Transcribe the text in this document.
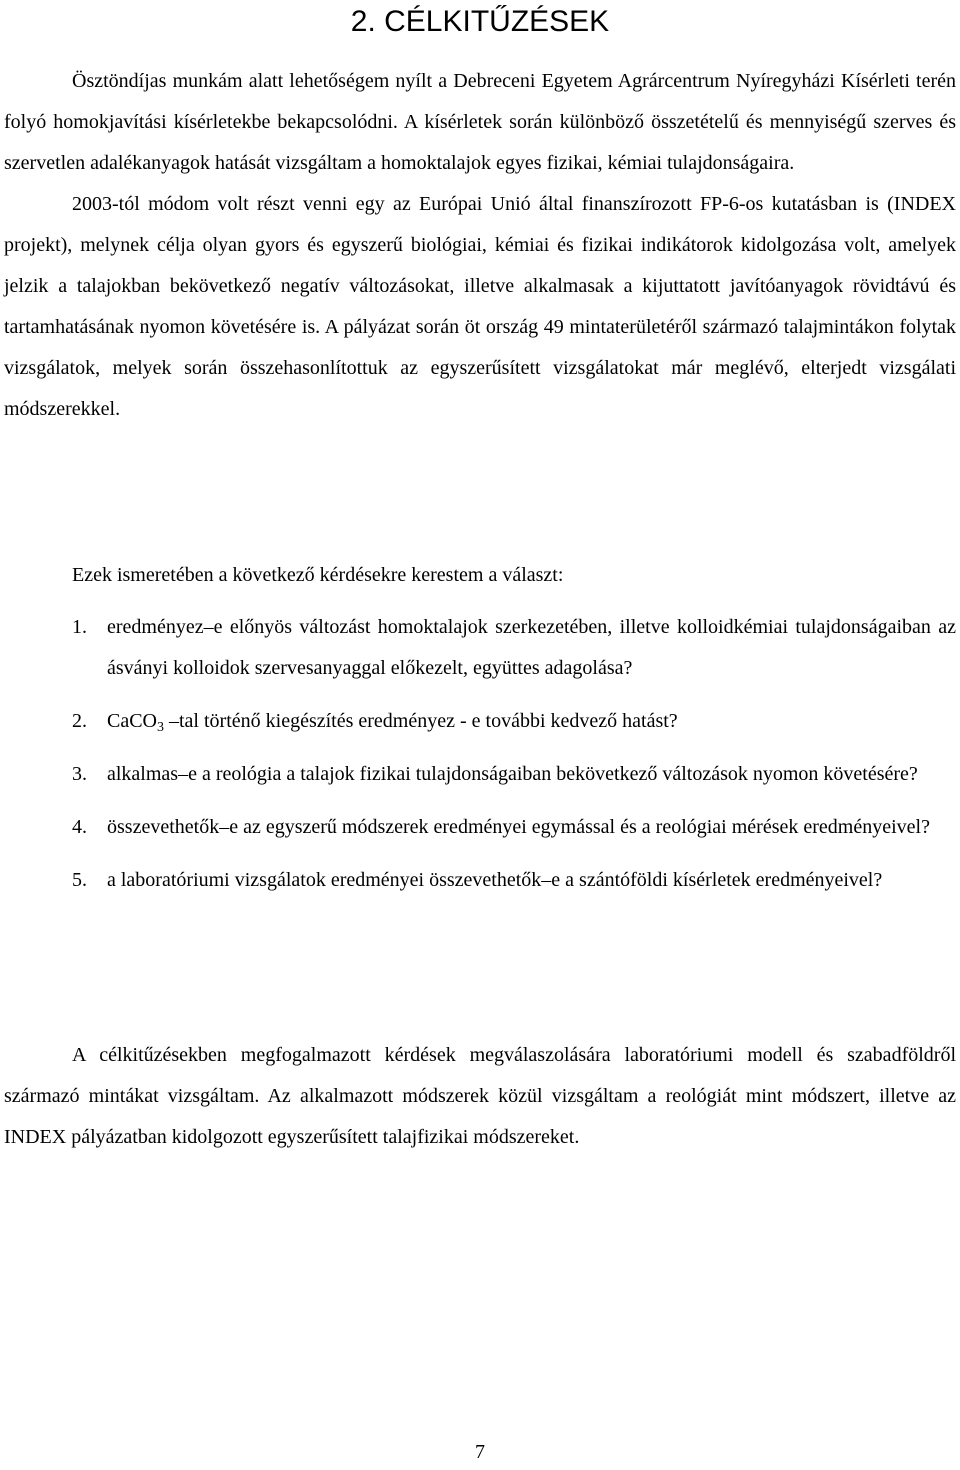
2. CÉLKITŰZÉSEK

Ösztöndíjas munkám alatt lehetőségem nyílt a Debreceni Egyetem Agrárcentrum Nyíregyházi Kísérleti terén folyó homokjavítási kísérletekbe bekapcsolódni. A kísérletek során különböző összetételű és mennyiségű szerves és szervetlen adalékanyagok hatását vizsgáltam a homoktalajok egyes fizikai, kémiai tulajdonságaira.

2003-tól módom volt részt venni egy az Európai Unió által finanszírozott FP-6-os kutatásban is (INDEX projekt), melynek célja olyan gyors és egyszerű biológiai, kémiai és fizikai indikátorok kidolgozása volt, amelyek jelzik a talajokban bekövetkező negatív változásokat, illetve alkalmasak a kijuttatott javítóanyagok rövidtávú és tartamhatásának nyomon követésére is. A pályázat során öt ország 49 mintaterületéről származó talajmintákon folytak vizsgálatok, melyek során összehasonlítottuk az egyszerűsített vizsgálatokat már meglévő, elterjedt vizsgálati módszerekkel.

Ezek ismeretében a következő kérdésekre kerestem a választ:

1. eredményez–e előnyös változást homoktalajok szerkezetében, illetve kolloidkémiai tulajdonságaiban az ásványi kolloidok szervesanyaggal előkezelt, együttes adagolása?
2. CaCO$_3$ –tal történő kiegészítés eredményez - e további kedvező hatást?
3. alkalmas–e a reológia a talajok fizikai tulajdonságaiban bekövetkező változások nyomon követésére?
4. összevethetők–e az egyszerű módszerek eredményei egymással és a reológiai mérések eredményeivel?
5. a laboratóriumi vizsgálatok eredményei összevethetők–e a szántóföldi kísérletek eredményeivel?

A célkitűzésekben megfogalmazott kérdések megválaszolására laboratóriumi modell és szabadföldről származó mintákat vizsgáltam. Az alkalmazott módszerek közül vizsgáltam a reológiát mint módszert, illetve az INDEX pályázatban kidolgozott egyszerűsített talajfizikai módszereket.

7
